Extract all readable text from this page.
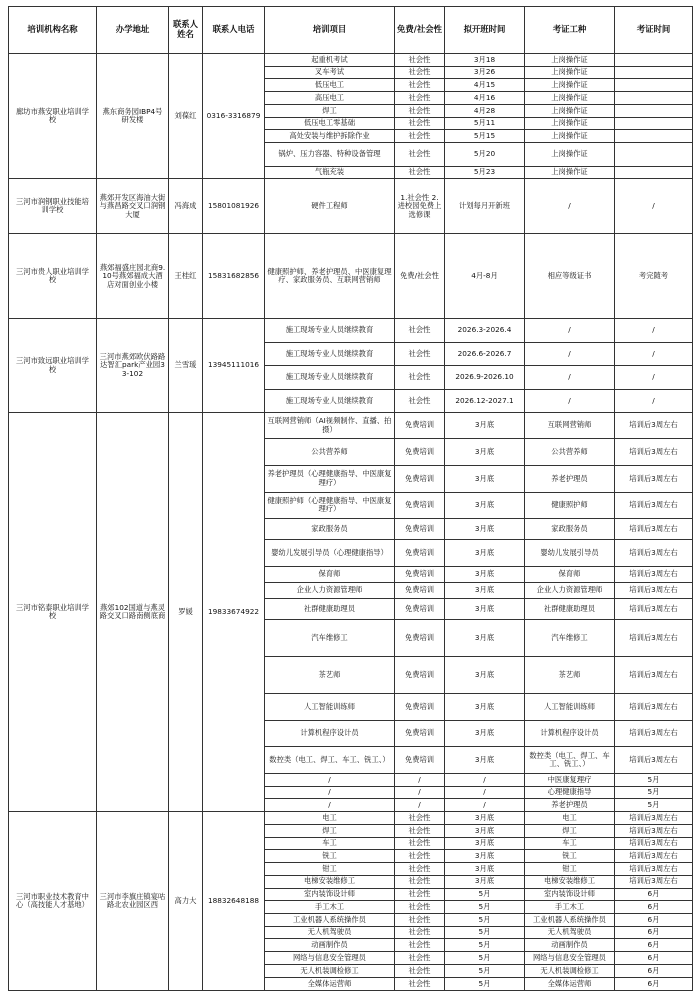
培训机构名称	办学地址	联系人姓名	联系人电话	培训项目	免费/社会性	拟开班时间	考证工种	考证时间
廊坊市燕安职业培训学校	燕东商务园IBP4号研发楼	刘葆红	0316-3316879	起重机考试	社会性	3月18	上岗操作证	
				叉车考试	社会性	3月26	上岗操作证	
				低压电工	社会性	4月15	上岗操作证	
				高压电工	社会性	4月16	上岗操作证	
				焊工	社会性	4月28	上岗操作证	
				低压电工零基础	社会性	5月11	上岗操作证	
				高处安装与维护拆除作业	社会性	5月15	上岗操作证	
				锅炉、压力容器、特种设备管理	社会性	5月20	上岗操作证	
				气瓶充装	社会性	5月23	上岗操作证	
三河市润钢职业技能培训学校	燕郊开发区海油大街与燕昌路交叉口润钢大厦	冯海成	15801081926	硬件工程师	1.社会性 2.进校园免费上选修课	计划每月开新班	/	/
三河市贵人职业培训学校	燕郊福盛庄园北商9.10号燕郊福成大酒店对面创业小楼	王桂红	15831682856	健康照护师、养老护理员、中医康复理疗、家政服务员、互联网营销师	免费/社会性	4月-8月	相应等级证书	考完随考
三河市致远职业培训学校	三河市燕郊欧伏路路达智汇park产业园33-102	兰雪瑗	13945111016	施工现场专业人员继续教育	社会性	2026.3-2026.4	/	/
				施工现场专业人员继续教育	社会性	2026.6-2026.7	/	/
				施工现场专业人员继续教育	社会性	2026.9-2026.10	/	/
				施工现场专业人员继续教育	社会性	2026.12-2027.1	/	/
三河市铭泰职业培训学校	燕郊102国道与燕灵路交叉口路南侧底商	罗媛	19833674922	互联网营销师（AI视频制作、直播、拍摄）	免费培训	3月底	互联网营销师	培训后3周左右
				公共营养师	免费培训	3月底	公共营养师	培训后3周左右
				养老护理员（心理健康指导、中医康复理疗）	免费培训	3月底	养老护理员	培训后3周左右
				健康照护师（心理健康指导、中医康复理疗）	免费培训	3月底	健康照护师	培训后3周左右
				家政服务员	免费培训	3月底	家政服务员	培训后3周左右
				婴幼儿发展引导员（心理健康指导）	免费培训	3月底	婴幼儿发展引导员	培训后3周左右
				保育师	免费培训	3月底	保育师	培训后3周左右
				企业人力资源管理师	免费培训	3月底	企业人力资源管理师	培训后3周左右
				社群健康助理员	免费培训	3月底	社群健康助理员	培训后3周左右
				汽车维修工	免费培训	3月底	汽车维修工	培训后3周左右
				茶艺师	免费培训	3月底	茶艺师	培训后3周左右
				人工智能训练师	免费培训	3月底	人工智能训练师	培训后3周左右
				计算机程序设计员	免费培训	3月底	计算机程序设计员	培训后3周左右
				数控类（电工、焊工、车工、铣工、）	免费培训	3月底	数控类（电工、焊工、车工、铣工、）	培训后3周左右
				/	/	/	中医康复理疗	5月
				/	/	/	心理健康指导	5月
				/	/	/	养老护理员	5月
三河市职业技术教育中心（高技能人才基地）	三河市李旗庄镇宴咕路北农业园区西	高力大	18832648188	电工	社会性	3月底	电工	培训后3周左右
				焊工	社会性	3月底	焊工	培训后3周左右
				车工	社会性	3月底	车工	培训后3周左右
				铣工	社会性	3月底	铣工	培训后3周左右
				钳工	社会性	3月底	钳工	培训后3周左右
				电梯安装维修工	社会性	3月底	电梯安装维修工	培训后3周左右
				室内装饰设计师	社会性	5月	室内装饰设计师	6月
				手工木工	社会性	5月	手工木工	6月
				工业机器人系统操作员	社会性	5月	工业机器人系统操作员	6月
				无人机驾驶员	社会性	5月	无人机驾驶员	6月
				动画制作员	社会性	5月	动画制作员	6月
				网络与信息安全管理员	社会性	5月	网络与信息安全管理员	6月
				无人机装调检修工	社会性	5月	无人机装调检修工	6月
				全媒体运营师	社会性	5月	全媒体运营师	6月
